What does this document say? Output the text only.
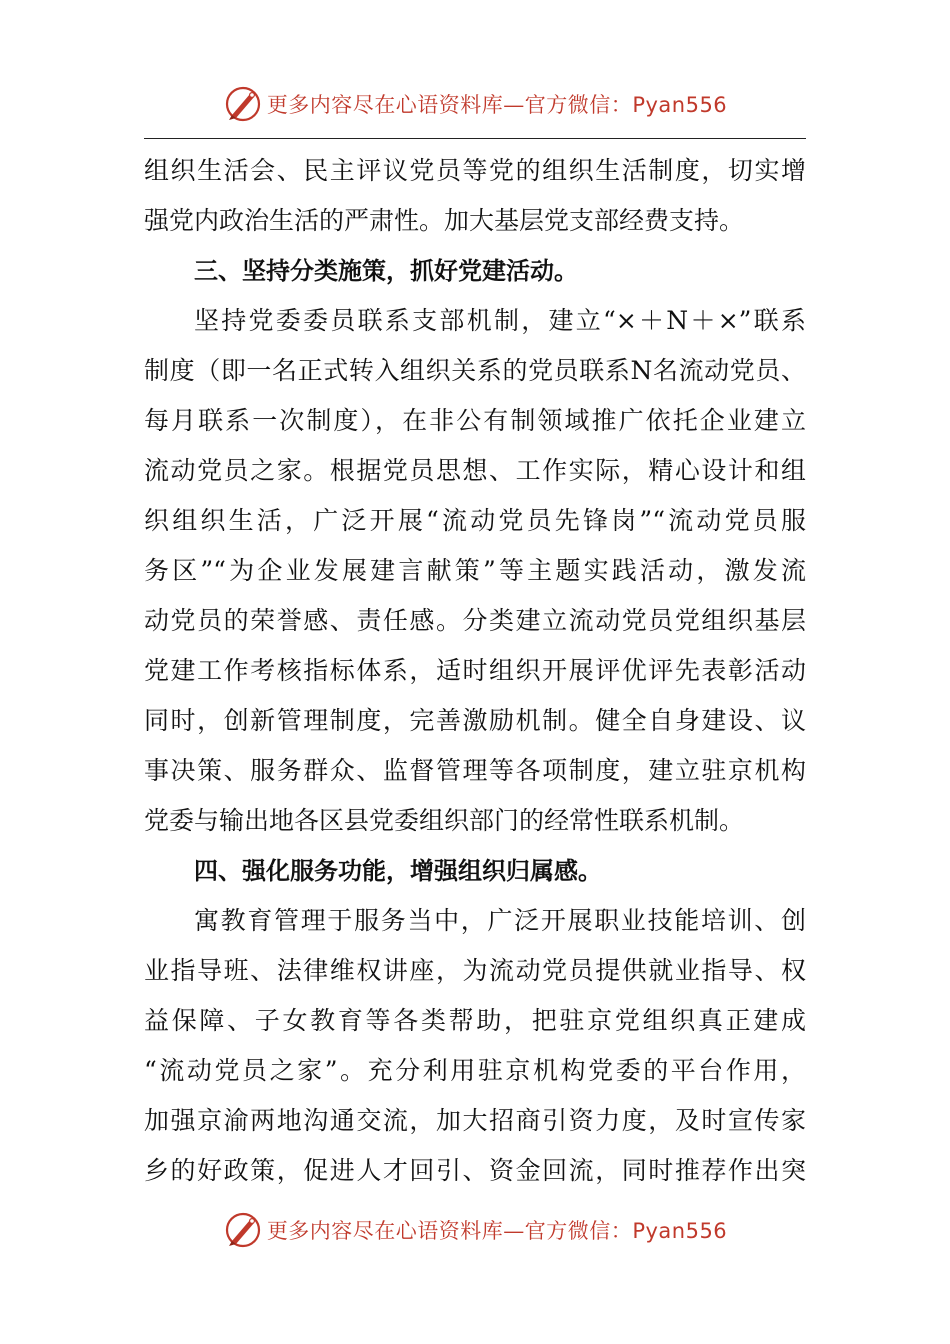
更多内容尽在心语资料库—官方微信：Pyan556
组织生活会、民主评议党员等党的组织生活制度，切实增
强党内政治生活的严肃性。加大基层党支部经费支持。
三、坚持分类施策，抓好党建活动。
坚持党委委员联系支部机制，建立“×＋N＋×”联系
制度（即一名正式转入组织关系的党员联系N名流动党员、
每月联系一次制度），在非公有制领域推广依托企业建立
流动党员之家。根据党员思想、工作实际，精心设计和组
织组织生活，广泛开展“流动党员先锋岗”“流动党员服
务区”“为企业发展建言献策”等主题实践活动，激发流
动党员的荣誉感、责任感。分类建立流动党员党组织基层
党建工作考核指标体系，适时组织开展评优评先表彰活动
同时，创新管理制度，完善激励机制。健全自身建设、议
事决策、服务群众、监督管理等各项制度，建立驻京机构
党委与输出地各区县党委组织部门的经常性联系机制。
四、强化服务功能，增强组织归属感。
寓教育管理于服务当中，广泛开展职业技能培训、创
业指导班、法律维权讲座，为流动党员提供就业指导、权
益保障、子女教育等各类帮助，把驻京党组织真正建成
“流动党员之家”。充分利用驻京机构党委的平台作用，
加强京渝两地沟通交流，加大招商引资力度，及时宣传家
乡的好政策，促进人才回引、资金回流，同时推荐作出突
更多内容尽在心语资料库—官方微信：Pyan556
